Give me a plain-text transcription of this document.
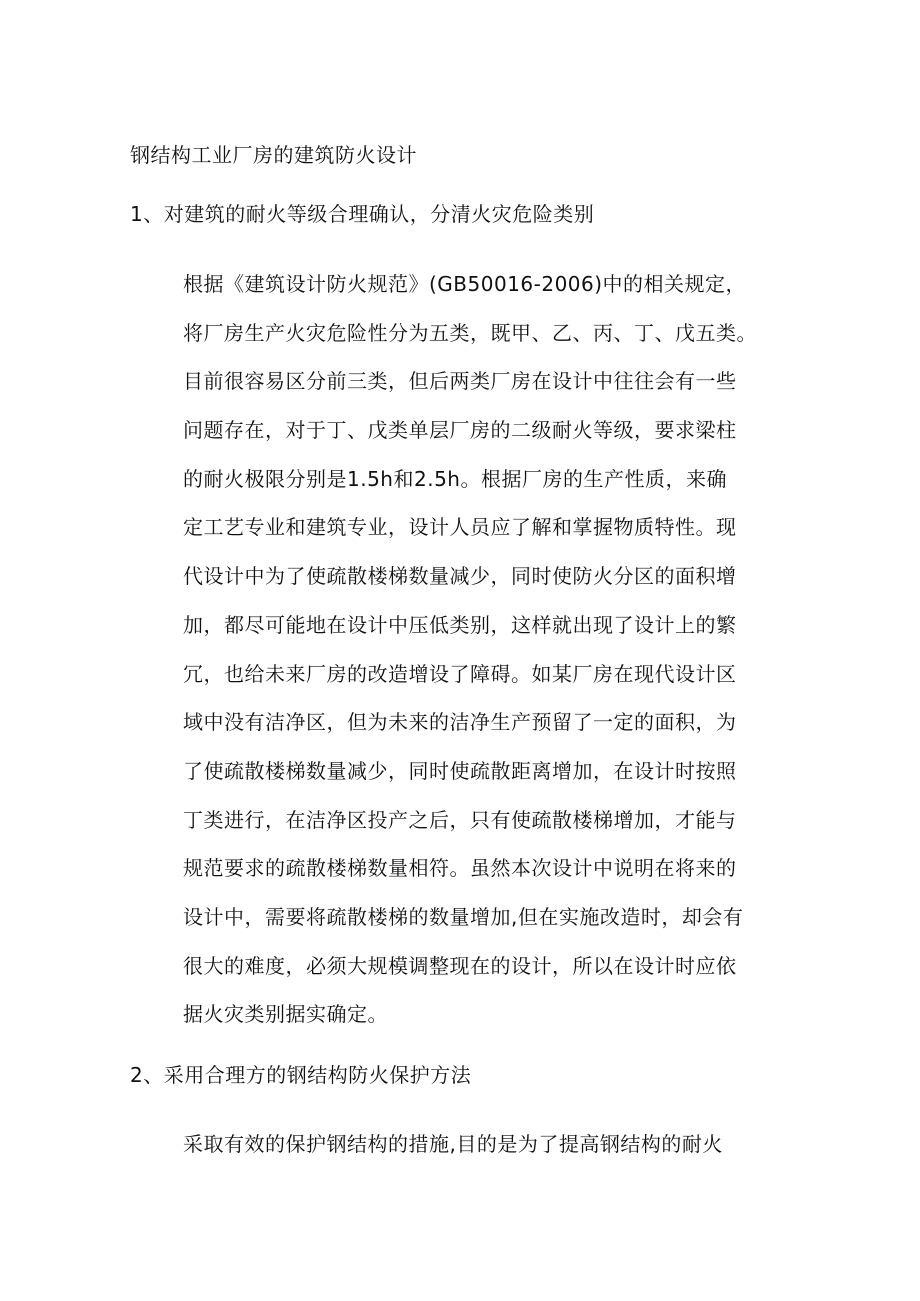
钢结构工业厂房的建筑防火设计
1、对建筑的耐火等级合理确认，分清火灾危险类别

根据《建筑设计防火规范》(GB50016-2006)中的相关规定，
将厂房生产火灾危险性分为五类，既甲、乙、丙、丁、戊五类。
目前很容易区分前三类，但后两类厂房在设计中往往会有一些
问题存在，对于丁、戊类单层厂房的二级耐火等级，要求梁柱
的耐火极限分别是1.5h和2.5h。根据厂房的生产性质，来确
定工艺专业和建筑专业，设计人员应了解和掌握物质特性。现
代设计中为了使疏散楼梯数量减少，同时使防火分区的面积增
加，都尽可能地在设计中压低类别，这样就出现了设计上的繁
冗，也给未来厂房的改造增设了障碍。如某厂房在现代设计区
域中没有洁净区，但为未来的洁净生产预留了一定的面积，为
了使疏散楼梯数量减少，同时使疏散距离增加，在设计时按照
丁类进行，在洁净区投产之后，只有使疏散楼梯增加，才能与
规范要求的疏散楼梯数量相符。虽然本次设计中说明在将来的
设计中，需要将疏散楼梯的数量增加,但在实施改造时，却会有
很大的难度，必须大规模调整现在的设计，所以在设计时应依
据火灾类别据实确定。

2、采用合理方的钢结构防火保护方法

采取有效的保护钢结构的措施,目的是为了提高钢结构的耐火
